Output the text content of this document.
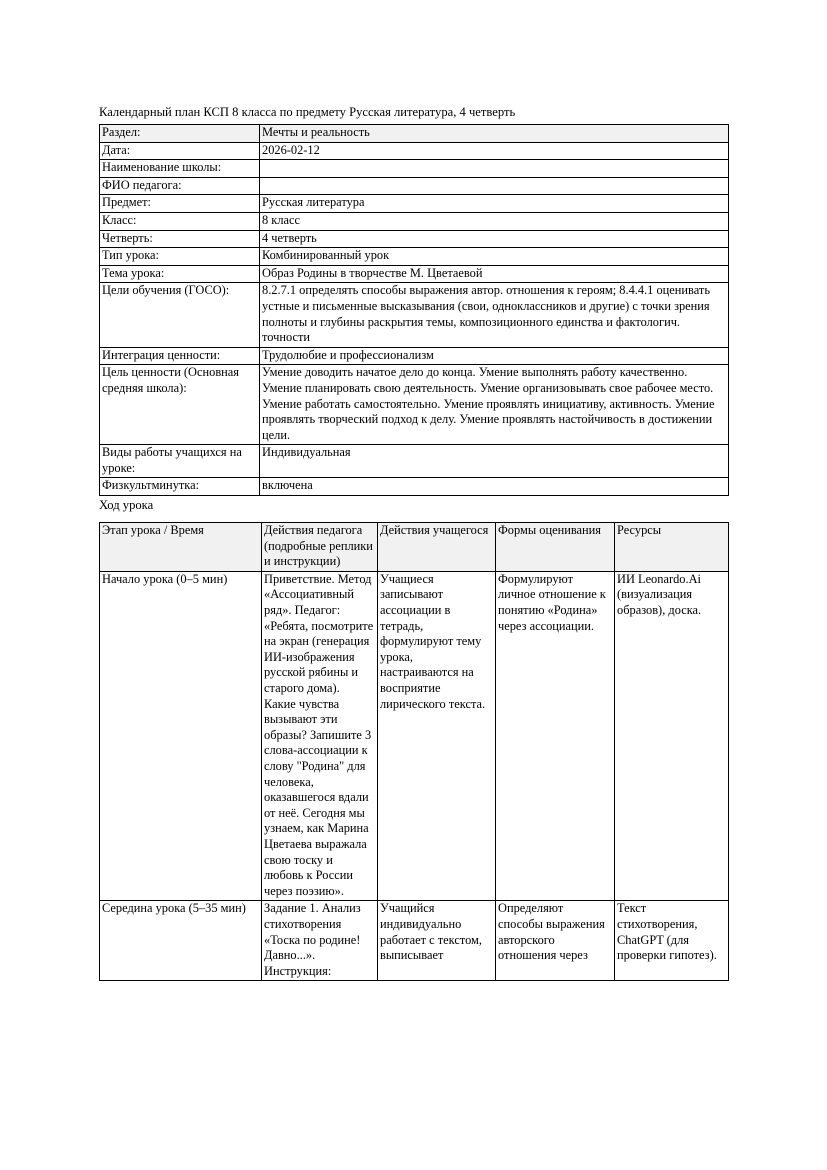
Календарный план КСП 8 класса по предмету Русская литература, 4 четверть

Раздел:	Мечты и реальность
Дата:	2026-02-12
Наименование школы:	
ФИО педагога:	
Предмет:	Русская литература
Класс:	8 класс
Четверть:	4 четверть
Тип урока:	Комбинированный урок
Тема урока:	Образ Родины в творчестве М. Цветаевой
Цели обучения (ГОСО):	8.2.7.1 определять способы выражения автор. отношения к героям; 8.4.4.1 оценивать устные и письменные высказывания (свои, одноклассников и другие) с точки зрения полноты и глубины раскрытия темы, композиционного единства и фактологич. точности
Интеграция ценности:	Трудолюбие и профессионализм
Цель ценности (Основная средняя школа):	Умение доводить начатое дело до конца. Умение выполнять работу качественно. Умение планировать свою деятельность. Умение организовывать свое рабочее место. Умение работать самостоятельно. Умение проявлять инициативу, активность. Умение проявлять творческий подход к делу. Умение проявлять настойчивость в достижении цели.
Виды работы учащихся на уроке:	Индивидуальная
Физкультминутка:	включена

Ход урока

Этап урока / Время	Действия педагога (подробные реплики и инструкции)	Действия учащегося	Формы оценивания	Ресурсы
Начало урока (0–5 мин)	Приветствие. Метод «Ассоциативный ряд». Педагог: «Ребята, посмотрите на экран (генерация ИИ-изображения русской рябины и старого дома). Какие чувства вызывают эти образы? Запишите 3 слова-ассоциации к слову "Родина" для человека, оказавшегося вдали от неё. Сегодня мы узнаем, как Марина Цветаева выражала свою тоску и любовь к России через поэзию».	Учащиеся записывают ассоциации в тетрадь, формулируют тему урока, настраиваются на восприятие лирического текста.	Формулируют личное отношение к понятию «Родина» через ассоциации.	ИИ Leonardo.Ai (визуализация образов), доска.
Середина урока (5–35 мин)	Задание 1. Анализ стихотворения «Тоска по родине! Давно...». Инструкция:	Учащийся индивидуально работает с текстом, выписывает	Определяют способы выражения авторского отношения через	Текст стихотворения, ChatGPT (для проверки гипотез).
